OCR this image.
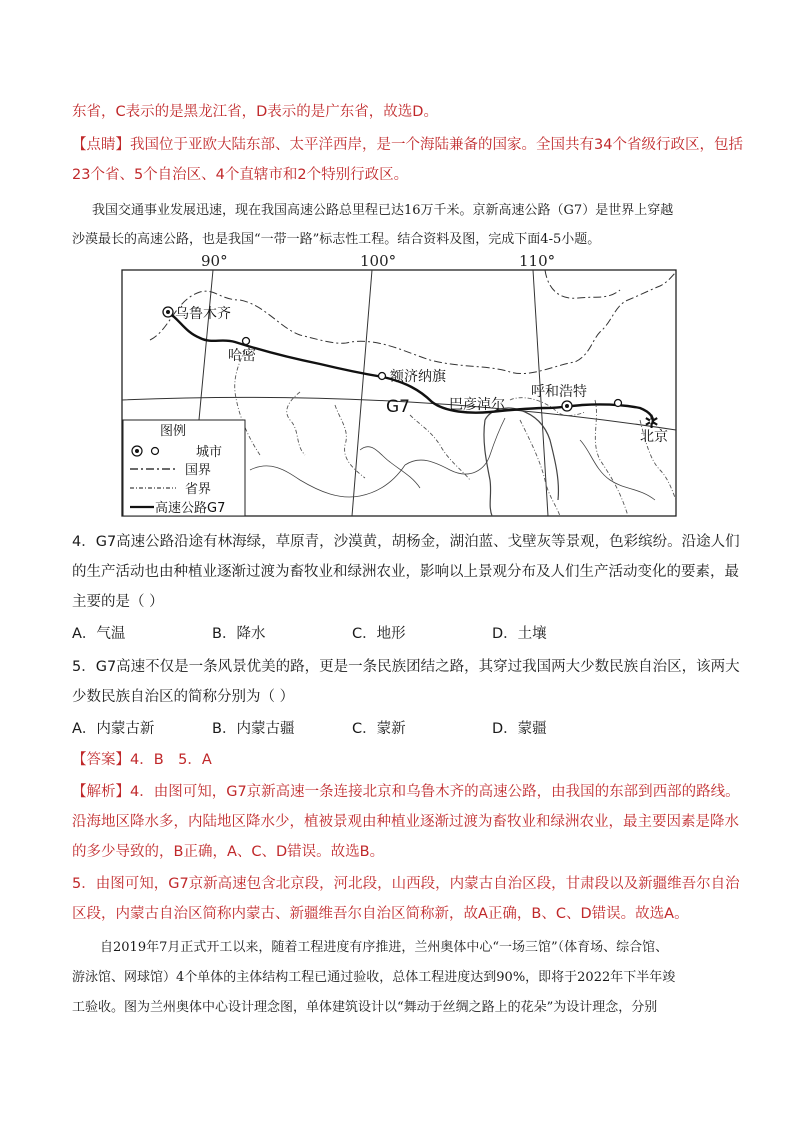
东省，C表示的是黑龙江省，D表示的是广东省，故选D。
【点睛】我国位于亚欧大陆东部、太平洋西岸，是一个海陆兼备的国家。全国共有34个省级行政区，包括
23个省、5个自治区、4个直辖市和2个特别行政区。
我国交通事业发展迅速，现在我国高速公路总里程已达16万千米。京新高速公路（G7）是世界上穿越
沙漠最长的高速公路，也是我国“一带一路”标志性工程。结合资料及图，完成下面4-5小题。
90°	100°	110°
✲
乌鲁木齐
哈密
额济纳旗
巴彦淖尔
呼和浩特
北京
G7
图例
城市
国界
省界
高速公路G7
4．G7高速公路沿途有林海绿，草原青，沙漠黄，胡杨金，湖泊蓝、戈壁灰等景观，色彩缤纷。沿途人们
的生产活动也由种植业逐渐过渡为畜牧业和绿洲农业，影响以上景观分布及人们生产活动变化的要素，最
主要的是（ ）
A．气温	B．降水	C．地形	D．土壤
5．G7高速不仅是一条风景优美的路，更是一条民族团结之路，其穿过我国两大少数民族自治区，该两大
少数民族自治区的简称分别为（ ）
A．内蒙古新	B．内蒙古疆	C．蒙新	D．蒙疆
【答案】4．B　5．A
【解析】4．由图可知，G7京新高速一条连接北京和乌鲁木齐的高速公路，由我国的东部到西部的路线。
沿海地区降水多，内陆地区降水少，植被景观由种植业逐渐过渡为畜牧业和绿洲农业，最主要因素是降水
的多少导致的，B正确，A、C、D错误。故选B。
5．由图可知，G7京新高速包含北京段，河北段，山西段，内蒙古自治区段，甘肃段以及新疆维吾尔自治
区段，内蒙古自治区简称内蒙古、新疆维吾尔自治区简称新，故A正确，B、C、D错误。故选A。
自2019年7月正式开工以来，随着工程进度有序推进，兰州奥体中心“一场三馆”（体育场、综合馆、
游泳馆、网球馆）4个单体的主体结构工程已通过验收，总体工程进度达到90%，即将于2022年下半年竣
工验收。图为兰州奥体中心设计理念图，单体建筑设计以“舞动于丝绸之路上的花朵”为设计理念，分别
